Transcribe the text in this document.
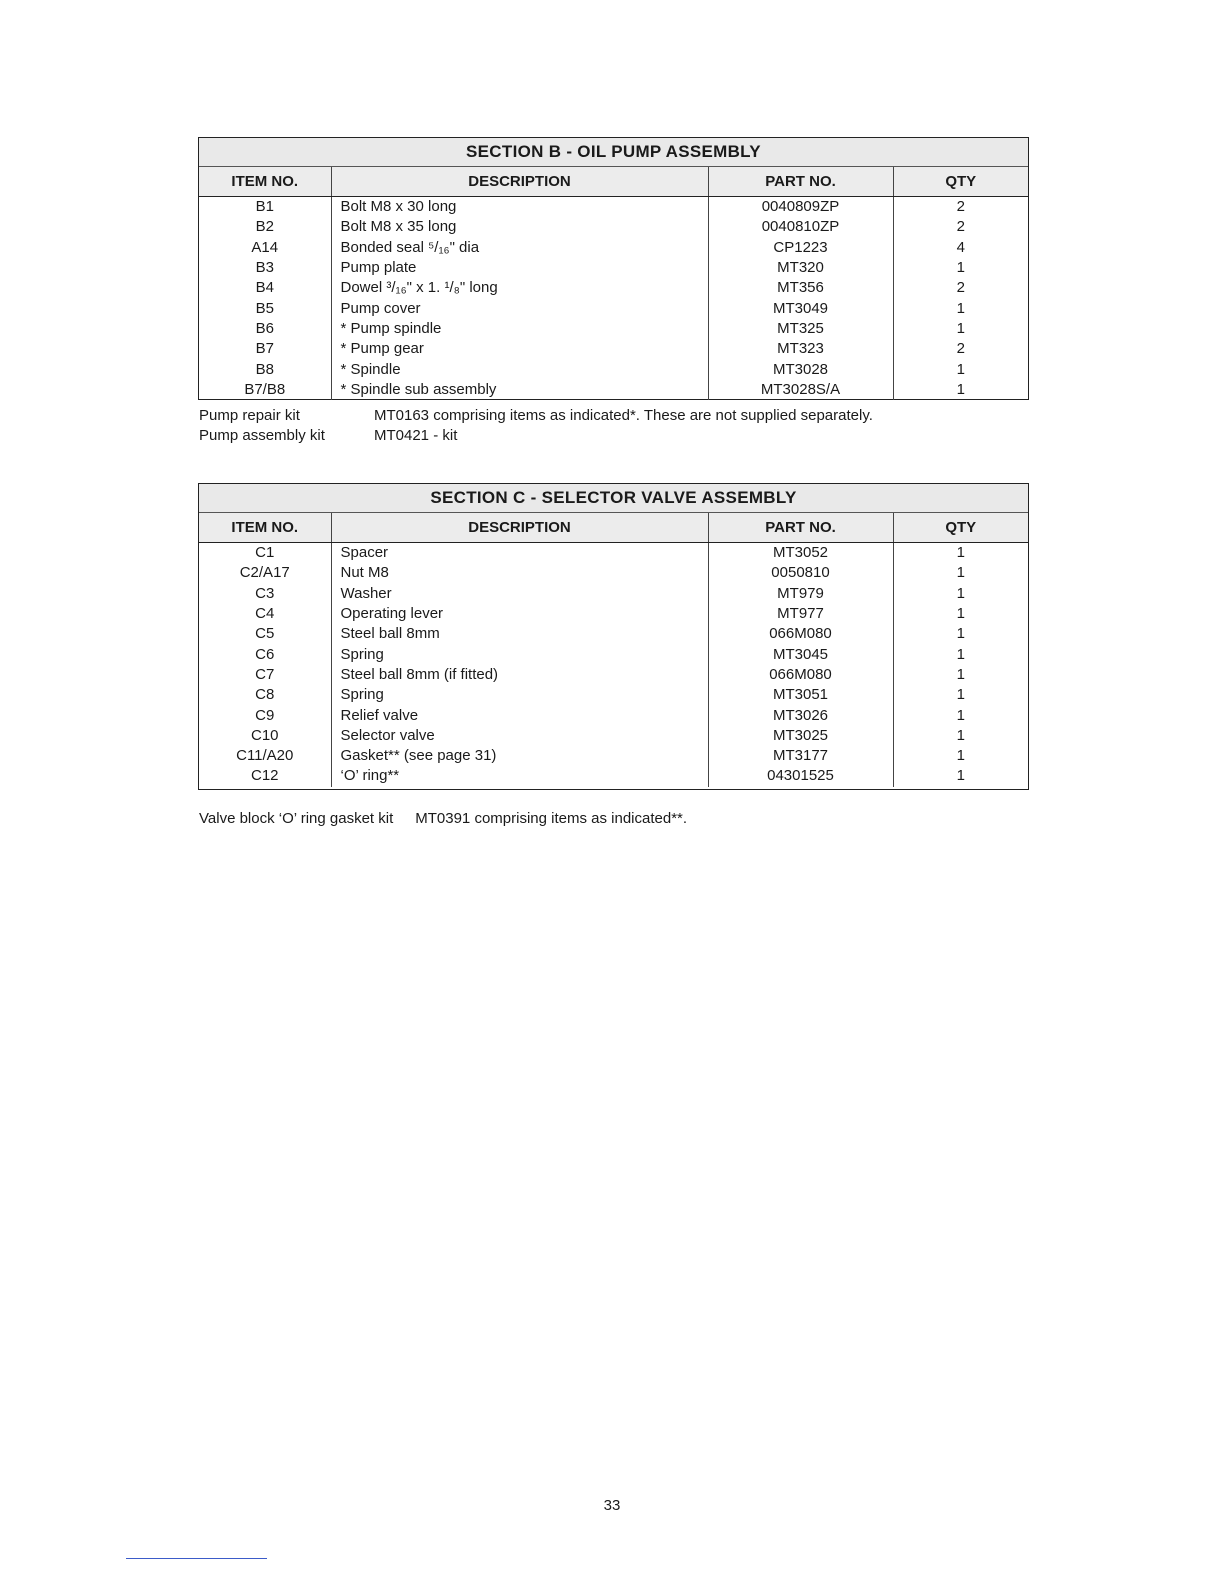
SECTION B - OIL PUMP ASSEMBLY
ITEM NO.	DESCRIPTION	PART NO.	QTY
B1	Bolt M8 x 30 long	0040809ZP	2
B2	Bolt M8 x 35 long	0040810ZP	2
A14	Bonded seal ⁵/₁₆" dia	CP1223	4
B3	Pump plate	MT320	1
B4	Dowel ³/₁₆" x 1. ¹/₈" long	MT356	2
B5	Pump cover	MT3049	1
B6	* Pump spindle	MT325	1
B7	* Pump gear	MT323	2
B8	* Spindle	MT3028	1
B7/B8	* Spindle sub assembly	MT3028S/A	1
Pump repair kit	MT0163 comprising items as indicated*. These are not supplied separately.
Pump assembly kit	MT0421 - kit
SECTION C - SELECTOR VALVE ASSEMBLY
ITEM NO.	DESCRIPTION	PART NO.	QTY
C1	Spacer	MT3052	1
C2/A17	Nut M8	0050810	1
C3	Washer	MT979	1
C4	Operating lever	MT977	1
C5	Steel ball 8mm	066M080	1
C6	Spring	MT3045	1
C7	Steel ball 8mm (if fitted)	066M080	1
C8	Spring	MT3051	1
C9	Relief valve	MT3026	1
C10	Selector valve	MT3025	1
C11/A20	Gasket** (see page 31)	MT3177	1
C12	‘O’ ring**	04301525	1
Valve block ‘O’ ring gasket kit MT0391 comprising items as indicated**.
33
